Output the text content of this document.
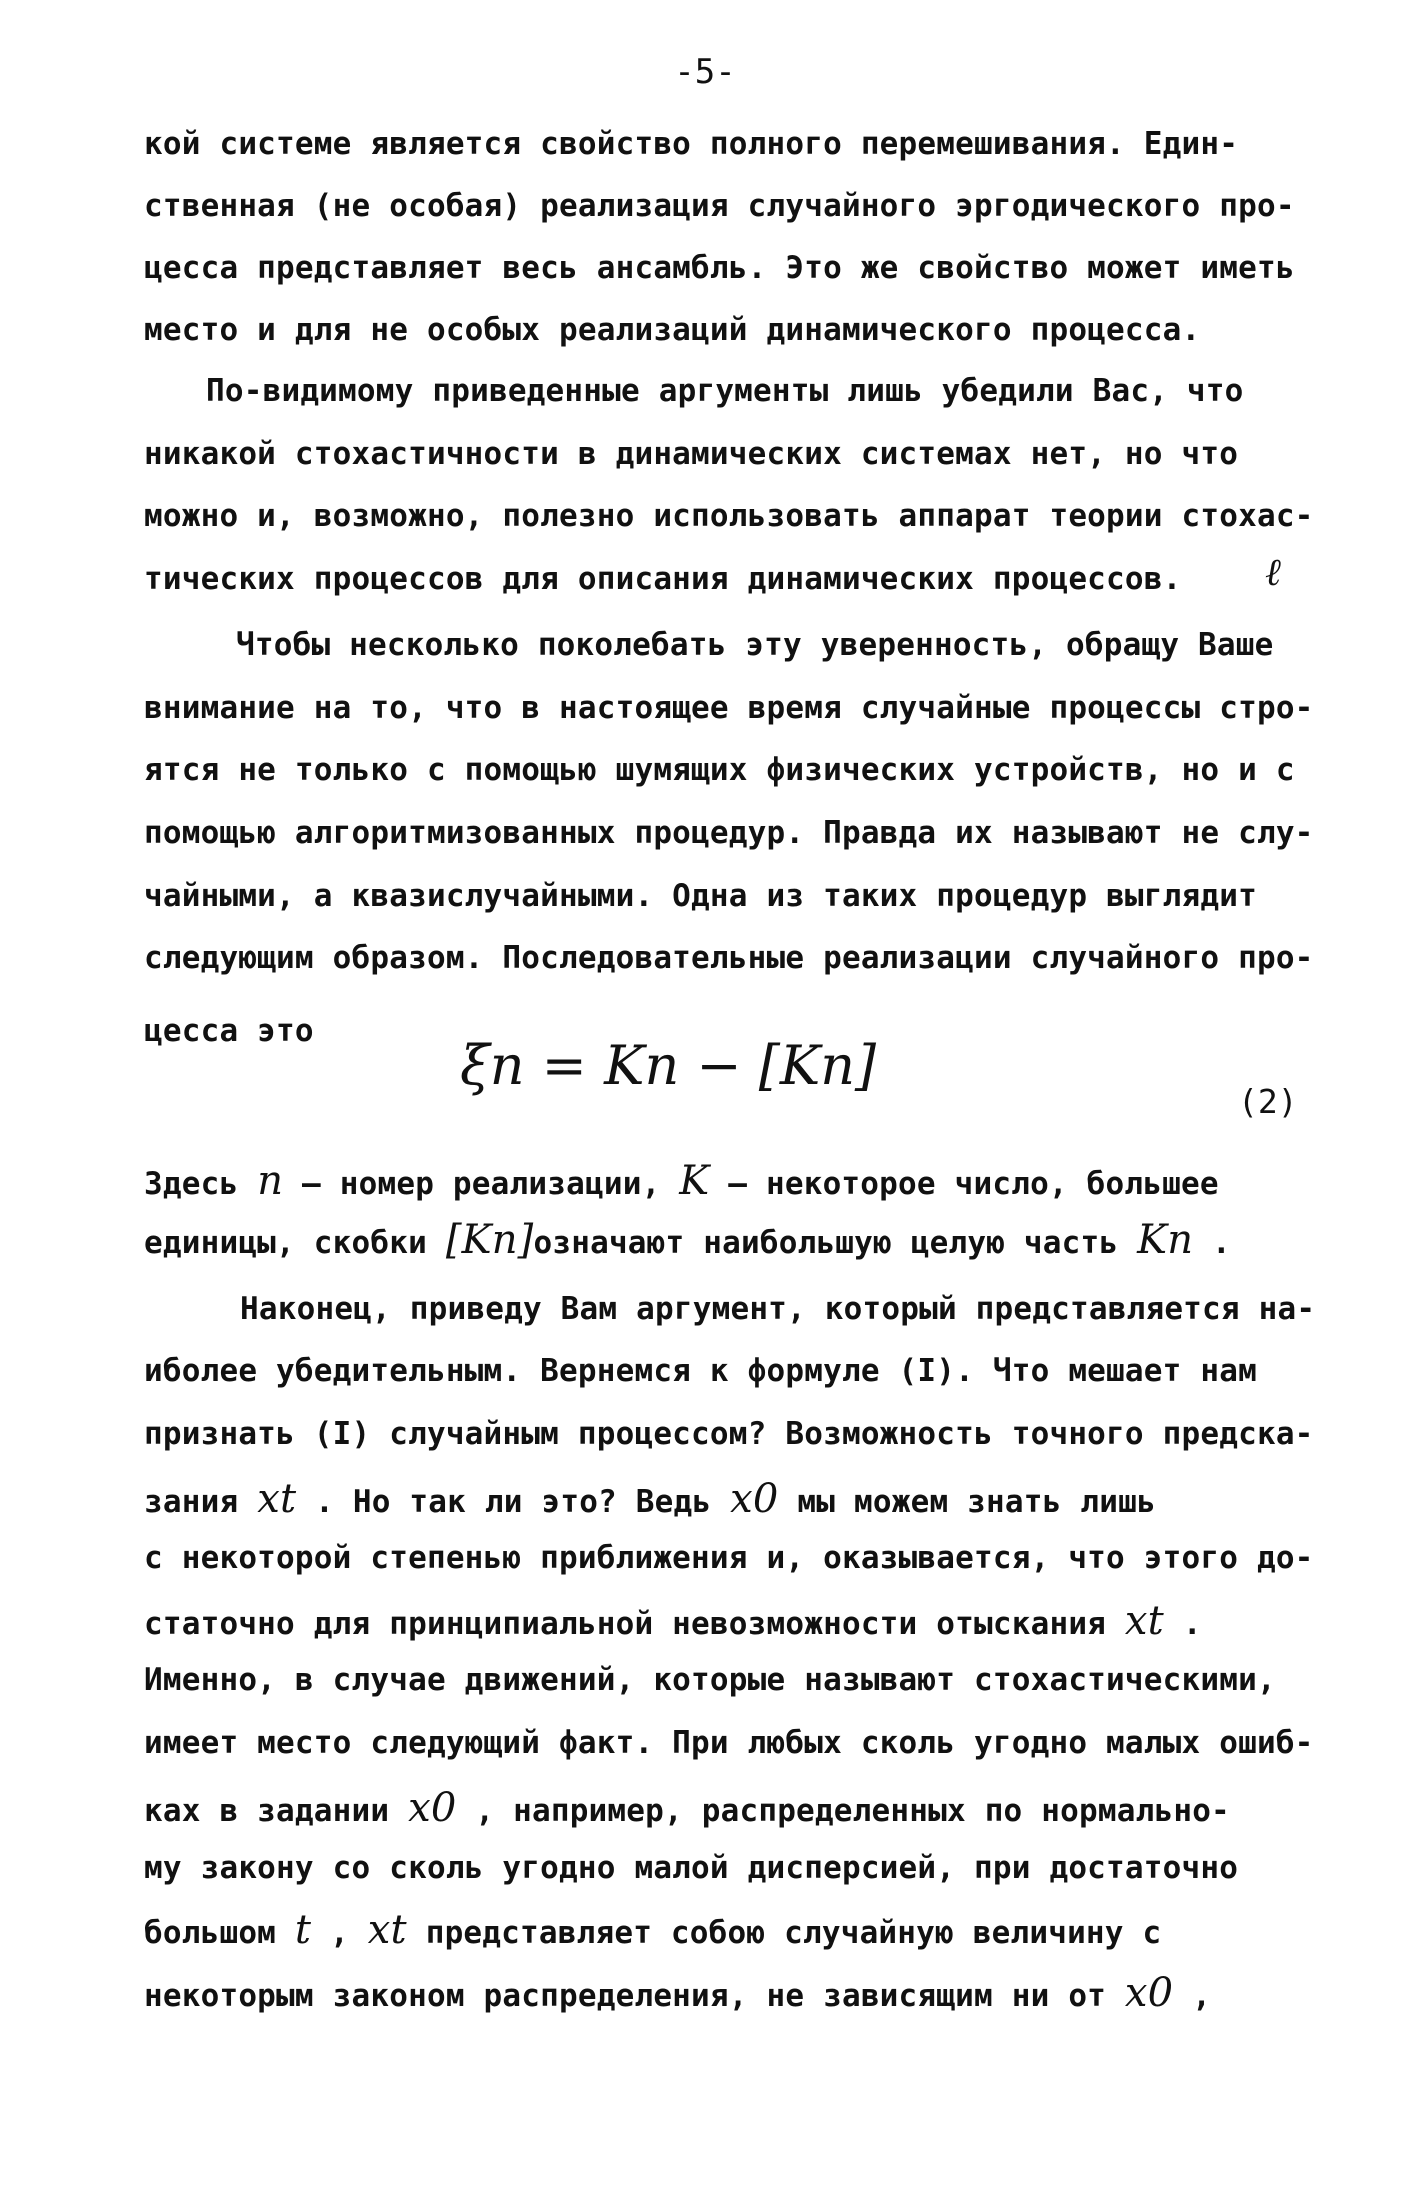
-5-
кой системе является свойство полного перемешивания. Един-
ственная (не особая) реализация случайного эргодического про-
цесса представляет весь ансамбль. Это же свойство может иметь
место и для не особых реализаций динамического процесса.
По-видимому приведенные аргументы лишь убедили Вас, что
никакой стохастичности в динамических системах нет, но что
можно и, возможно, полезно использовать аппарат теории стохас-
тических процессов для описания динамических процессов. ℓ
Чтобы несколько поколебать эту уверенность, обращу Ваше
внимание на то, что в настоящее время случайные процессы стро-
ятся не только с помощью шумящих физических устройств, но и с
помощью алгоритмизованных процедур. Правда их называют не слу-
чайными, а квазислучайными. Одна из таких процедур выглядит
следующим образом. Последовательные реализации случайного про-
цесса это
ξn = Kn − [Kn]
(2)
Здесь n – номер реализации, K – некоторое число, большее
единицы, скобки [Kn]означают наибольшую целую часть Kn .
Наконец, приведу Вам аргумент, который представляется на-
иболее убедительным. Вернемся к формуле (I). Что мешает нам
признать (I) случайным процессом? Возможность точного предска-
зания xt . Но так ли это? Ведь x0 мы можем знать лишь
с некоторой степенью приближения и, оказывается, что этого до-
статочно для принципиальной невозможности отыскания xt .
Именно, в случае движений, которые называют стохастическими,
имеет место следующий факт. При любых сколь угодно малых ошиб-
ках в задании x0 , например, распределенных по нормально-
му закону со сколь угодно малой дисперсией, при достаточно
большом t , xt представляет собою случайную величину с
некоторым законом распределения, не зависящим ни от x0 ,
